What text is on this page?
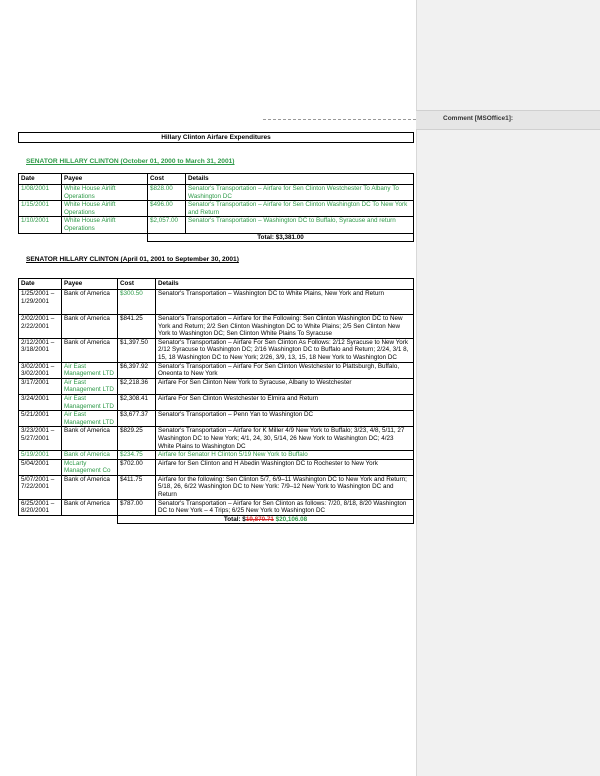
Comment [MSOffice1]:
Hillary Clinton Airfare Expenditures
SENATOR HILLARY CLINTON (October 01, 2000 to March 31, 2001)
Date	Payee	Cost	Details
1/08/2001	White House Airlift Operations	$828.00	Senator's Transportation – Airfare for Sen Clinton Westchester To Albany To Washington DC
1/15/2001	White House Airlift Operations	$496.00	Senator's Transportation – Airfare for Sen Clinton Washington DC To New York and Return
1/10/2001	White House Airlift Operations	$2,057.00	Senator's Transportation – Washington DC to Buffalo, Syracuse and return
		Total: $3,381.00	
SENATOR HILLARY CLINTON (April 01, 2001 to September 30, 2001)
Date	Payee	Cost	Details
1/25/2001 – 1/29/2001	Bank of America	$300.50	Senator's Transportation – Washington DC to White Plains, New York and Return
2/02/2001 – 2/22/2001	Bank of America	$841.25	Senator's Transportation – Airfare for the Following: Sen Clinton Washington DC to New York and Return; 2/2 Sen Clinton Washington DC to White Plains; 2/5 Sen Clinton New York to Washington DC; Sen Clinton White Plains To Syracuse
2/12/2001 – 3/18/2001	Bank of America	$1,397.50	Senator's Transportation – Airfare For Sen Clinton As Follows: 2/12 Syracuse to New York 2/12 Syracuse to Washington DC; 2/16 Washington DC to Buffalo and Return; 2/24, 3/1 8, 15, 18 Washington DC to New York; 2/26, 3/9, 13, 15, 18 New York to Washington DC
3/02/2001 – 3/02/2001	Air East Management LTD	$6,397.92	Senator's Transportation – Airfare For Sen Clinton Westchester to Plattsburgh, Buffalo, Oneonta to New York
3/17/2001	Air East Management LTD	$2,218.36	Airfare For Sen Clinton New York to Syracuse, Albany to Westchester
3/24/2001	Air East Management LTD	$2,308.41	Airfare For Sen Clinton Westchester to Elmira and Return
5/21/2001	Air East Management LTD	$3,677.37	Senator's Transportation – Penn Yan to Washington DC
3/23/2001 – 5/27/2001	Bank of America	$829.25	Senator's Transportation – Airfare for K Miller 4/9 New York to Buffalo; 3/23, 4/8, 5/11, 27 Washington DC to New York; 4/1, 24, 30, 5/14, 26 New York to Washington DC; 4/23 White Plains to Washington DC
5/19/2001	Bank of America	$234.75	Airfare for Senator H Clinton 5/19 New York to Buffalo
5/04/2001	McLarty Management Co	$702.00	Airfare for Sen Clinton and H Abedin Washington DC to Rochester to New York
5/07/2001 – 7/22/2001	Bank of America	$411.75	Airfare for the following: Sen Clinton 5/7, 6/9–11 Washington DC to New York and Return; 5/18, 26, 6/22 Washington DC to New York: 7/9–12 New York to Washington DC and Return
6/25/2001 – 8/20/2001	Bank of America	$787.00	Senator's Transportation – Airfare for Sen Clinton as follows: 7/20, 8/18, 8/20 Washington DC to New York – 4 Trips; 6/25 New York to Washington DC
		Total: $19,870.71 $20,106.08	
